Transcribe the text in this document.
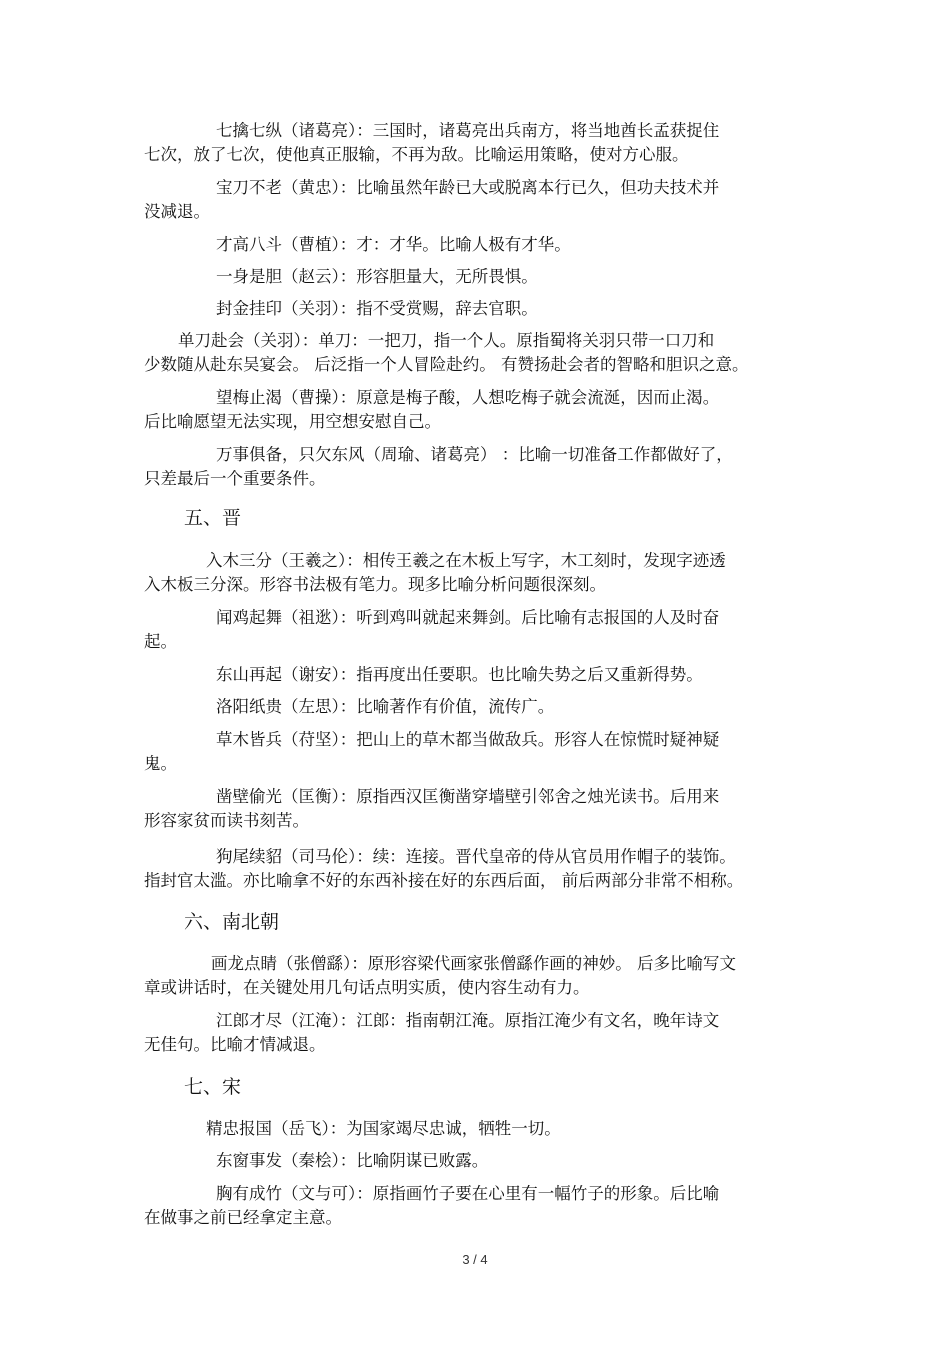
七擒七纵（诸葛亮）：三国时，诸葛亮出兵南方，将当地酋长孟获捉住
七次，放了七次，使他真正服输，不再为敌。比喻运用策略，使对方心服。
宝刀不老（黄忠）：比喻虽然年龄已大或脱离本行已久，但功夫技术并
没减退。
才高八斗（曹植）：才：才华。比喻人极有才华。
一身是胆（赵云）：形容胆量大，无所畏惧。
封金挂印（关羽）：指不受赏赐，辞去官职。
单刀赴会（关羽）：单刀：一把刀，指一个人。原指蜀将关羽只带一口刀和
少数随从赴东吴宴会。 后泛指一个人冒险赴约。 有赞扬赴会者的智略和胆识之意。
望梅止渴（曹操）：原意是梅子酸，人想吃梅子就会流涎，因而止渴。
后比喻愿望无法实现，用空想安慰自己。
万事俱备，只欠东风（周瑜、诸葛亮） ：比喻一切准备工作都做好了，
只差最后一个重要条件。
五、晋
入木三分（王羲之）：相传王羲之在木板上写字，木工刻时，发现字迹透
入木板三分深。形容书法极有笔力。现多比喻分析问题很深刻。
闻鸡起舞（祖逖）：听到鸡叫就起来舞剑。后比喻有志报国的人及时奋
起。
东山再起（谢安）：指再度出任要职。也比喻失势之后又重新得势。
洛阳纸贵（左思）：比喻著作有价值，流传广。
草木皆兵（苻坚）：把山上的草木都当做敌兵。形容人在惊慌时疑神疑
鬼。
凿壁偷光（匡衡）：原指西汉匡衡凿穿墙壁引邻舍之烛光读书。后用来
形容家贫而读书刻苦。
狗尾续貂（司马伦）：续：连接。晋代皇帝的侍从官员用作帽子的装饰。
指封官太滥。亦比喻拿不好的东西补接在好的东西后面， 前后两部分非常不相称。
六、南北朝
画龙点睛（张僧繇）：原形容梁代画家张僧繇作画的神妙。 后多比喻写文
章或讲话时，在关键处用几句话点明实质，使内容生动有力。
江郎才尽（江淹）：江郎：指南朝江淹。原指江淹少有文名，晚年诗文
无佳句。比喻才情减退。
七、宋
精忠报国（岳飞）：为国家竭尽忠诚，牺牲一切。
东窗事发（秦桧）：比喻阴谋已败露。
胸有成竹（文与可）：原指画竹子要在心里有一幅竹子的形象。后比喻
在做事之前已经拿定主意。
3 / 4
